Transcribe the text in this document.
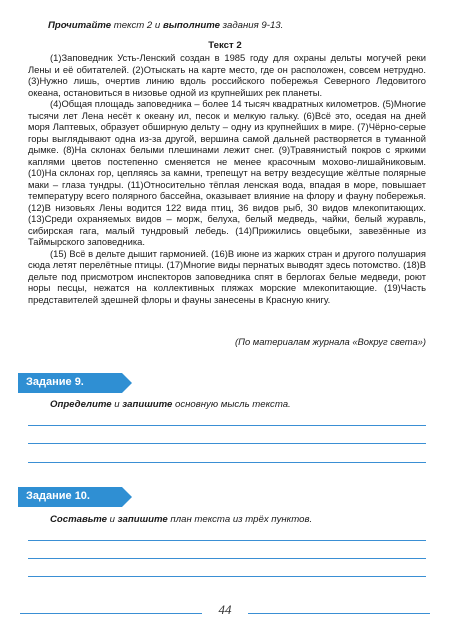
Прочитайте текст 2 и выполните задания 9-13.
Текст 2

(1)Заповедник Усть-Ленский создан в 1985 году для охраны дельты могучей реки Лены и её обитателей. (2)Отыскать на карте место, где он расположен, совсем нетрудно. (3)Нужно лишь, очертив линию вдоль российского побережья Северного Ледовитого океана, остановиться в низовье одной из крупнейших рек планеты.

(4)Общая площадь заповедника – более 14 тысяч квадратных километров. (5)Многие тысячи лет Лена несёт к океану ил, песок и мелкую гальку. (6)Всё это, оседая на дней моря Лаптевых, образует обширную дельту – одну из крупнейших в мире. (7)Чёрно-серые горы выглядывают одна из-за другой, вершина самой дальней растворяется в туманной дымке. (8)На склонах белыми плешинами лежит снег. (9)Травянистый покров с яркими каплями цветов постепенно сменяется не менее красочным мохово-лишайниковым. (10)На склонах гор, цепляясь за камни, трепещут на ветру вездесущие жёлтые полярные маки – глаза тундры. (11)Относительно тёплая ленская вода, впадая в море, повышает температуру всего полярного бассейна, оказывает влияние на флору и фауну побережья. (12)В низовьях Лены водится 122 вида птиц, 36 видов рыб, 30 видов млекопитающих. (13)Среди охраняемых видов – морж, белуха, белый медведь, чайки, белый журавль, сибирская гага, малый тундровый лебедь. (14)Прижились овцебыки, завезённые из Таймырского заповедника.

(15) Всё в дельте дышит гармонией. (16)В июне из жарких стран и другого полушария сюда летят перелётные птицы. (17)Многие виды пернатых выводят здесь потомство. (18)В дельте под присмотром инспекторов заповедника спят в берлогах белые медведи, роют норы песцы, нежатся на коллективных пляжах морские млекопитающие. (19)Часть представителей здешней флоры и фауны занесены в Красную книгу.

(По материалам журнала «Вокруг света»)
Задание 9.
Определите и запишите основную мысль текста.
Задание 10.
Составьте и запишите план текста из трёх пунктов.
44
